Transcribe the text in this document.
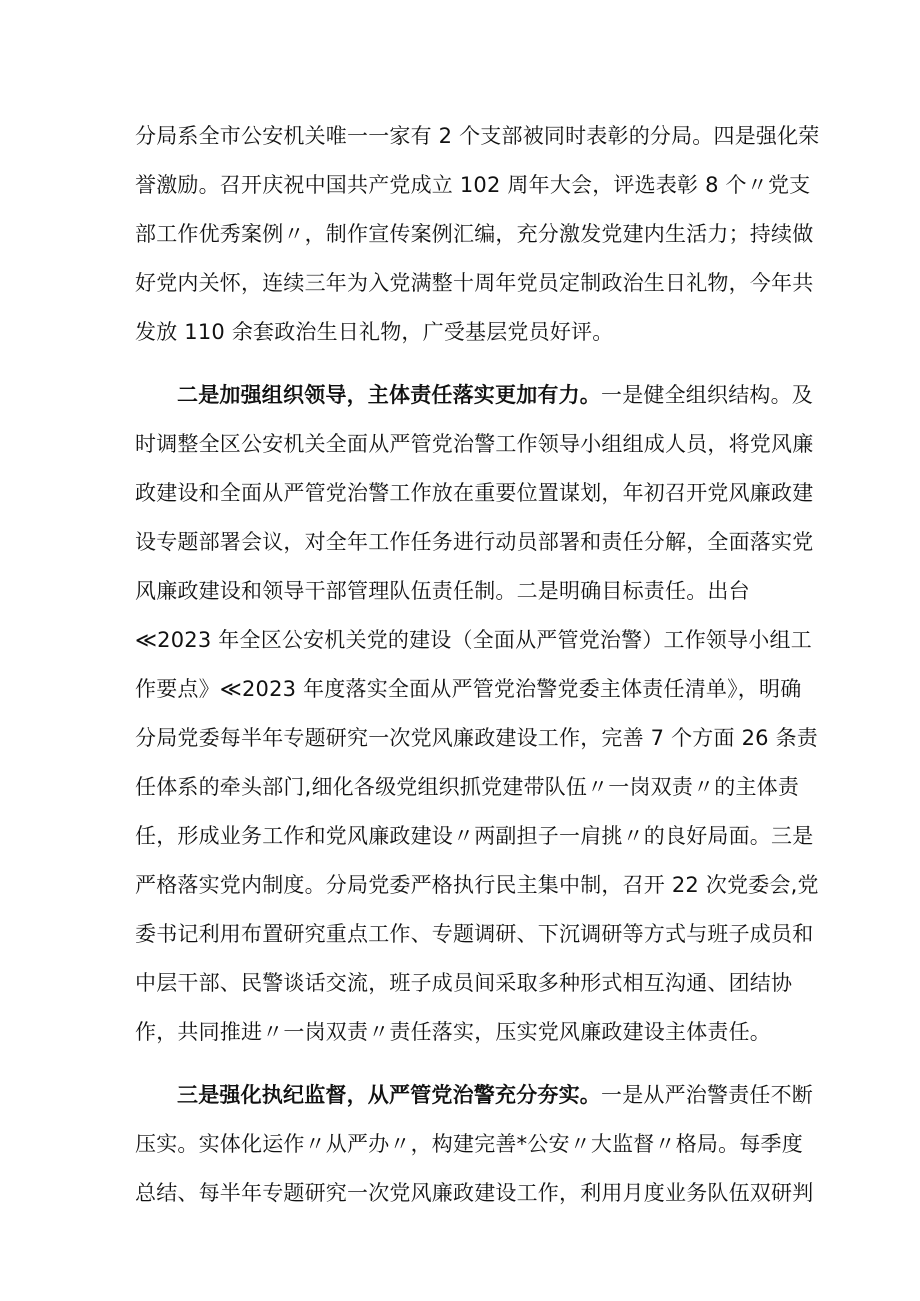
分局系全市公安机关唯一一家有 2 个支部被同时表彰的分局。四是强化荣
誉激励。召开庆祝中国共产党成立 102 周年大会，评选表彰 8 个〃党支
部工作优秀案例〃，制作宣传案例汇编，充分激发党建内生活力；持续做
好党内关怀，连续三年为入党满整十周年党员定制政治生日礼物，今年共
发放 110 余套政治生日礼物，广受基层党员好评。
二是加强组织领导，主体责任落实更加有力。一是健全组织结构。及
时调整全区公安机关全面从严管党治警工作领导小组组成人员，将党风廉
政建设和全面从严管党治警工作放在重要位置谋划，年初召开党风廉政建
设专题部署会议，对全年工作任务进行动员部署和责任分解，全面落实党
风廉政建设和领导干部管理队伍责任制。二是明确目标责任。出台
≪2023 年全区公安机关党的建设（全面从严管党治警）工作领导小组工
作要点》≪2023 年度落实全面从严管党治警党委主体责任清单》，明确
分局党委每半年专题研究一次党风廉政建设工作，完善 7 个方面 26 条责
任体系的牵头部门,细化各级党组织抓党建带队伍〃一岗双责〃的主体责
任，形成业务工作和党风廉政建设〃两副担子一肩挑〃的良好局面。三是
严格落实党内制度。分局党委严格执行民主集中制，召开 22 次党委会,党
委书记利用布置研究重点工作、专题调研、下沉调研等方式与班子成员和
中层干部、民警谈话交流，班子成员间采取多种形式相互沟通、团结协
作，共同推进〃一岗双责〃责任落实，压实党风廉政建设主体责任。
三是强化执纪监督，从严管党治警充分夯实。一是从严治警责任不断
压实。实体化运作〃从严办〃，构建完善*公安〃大监督〃格局。每季度
总结、每半年专题研究一次党风廉政建设工作，利用月度业务队伍双研判
